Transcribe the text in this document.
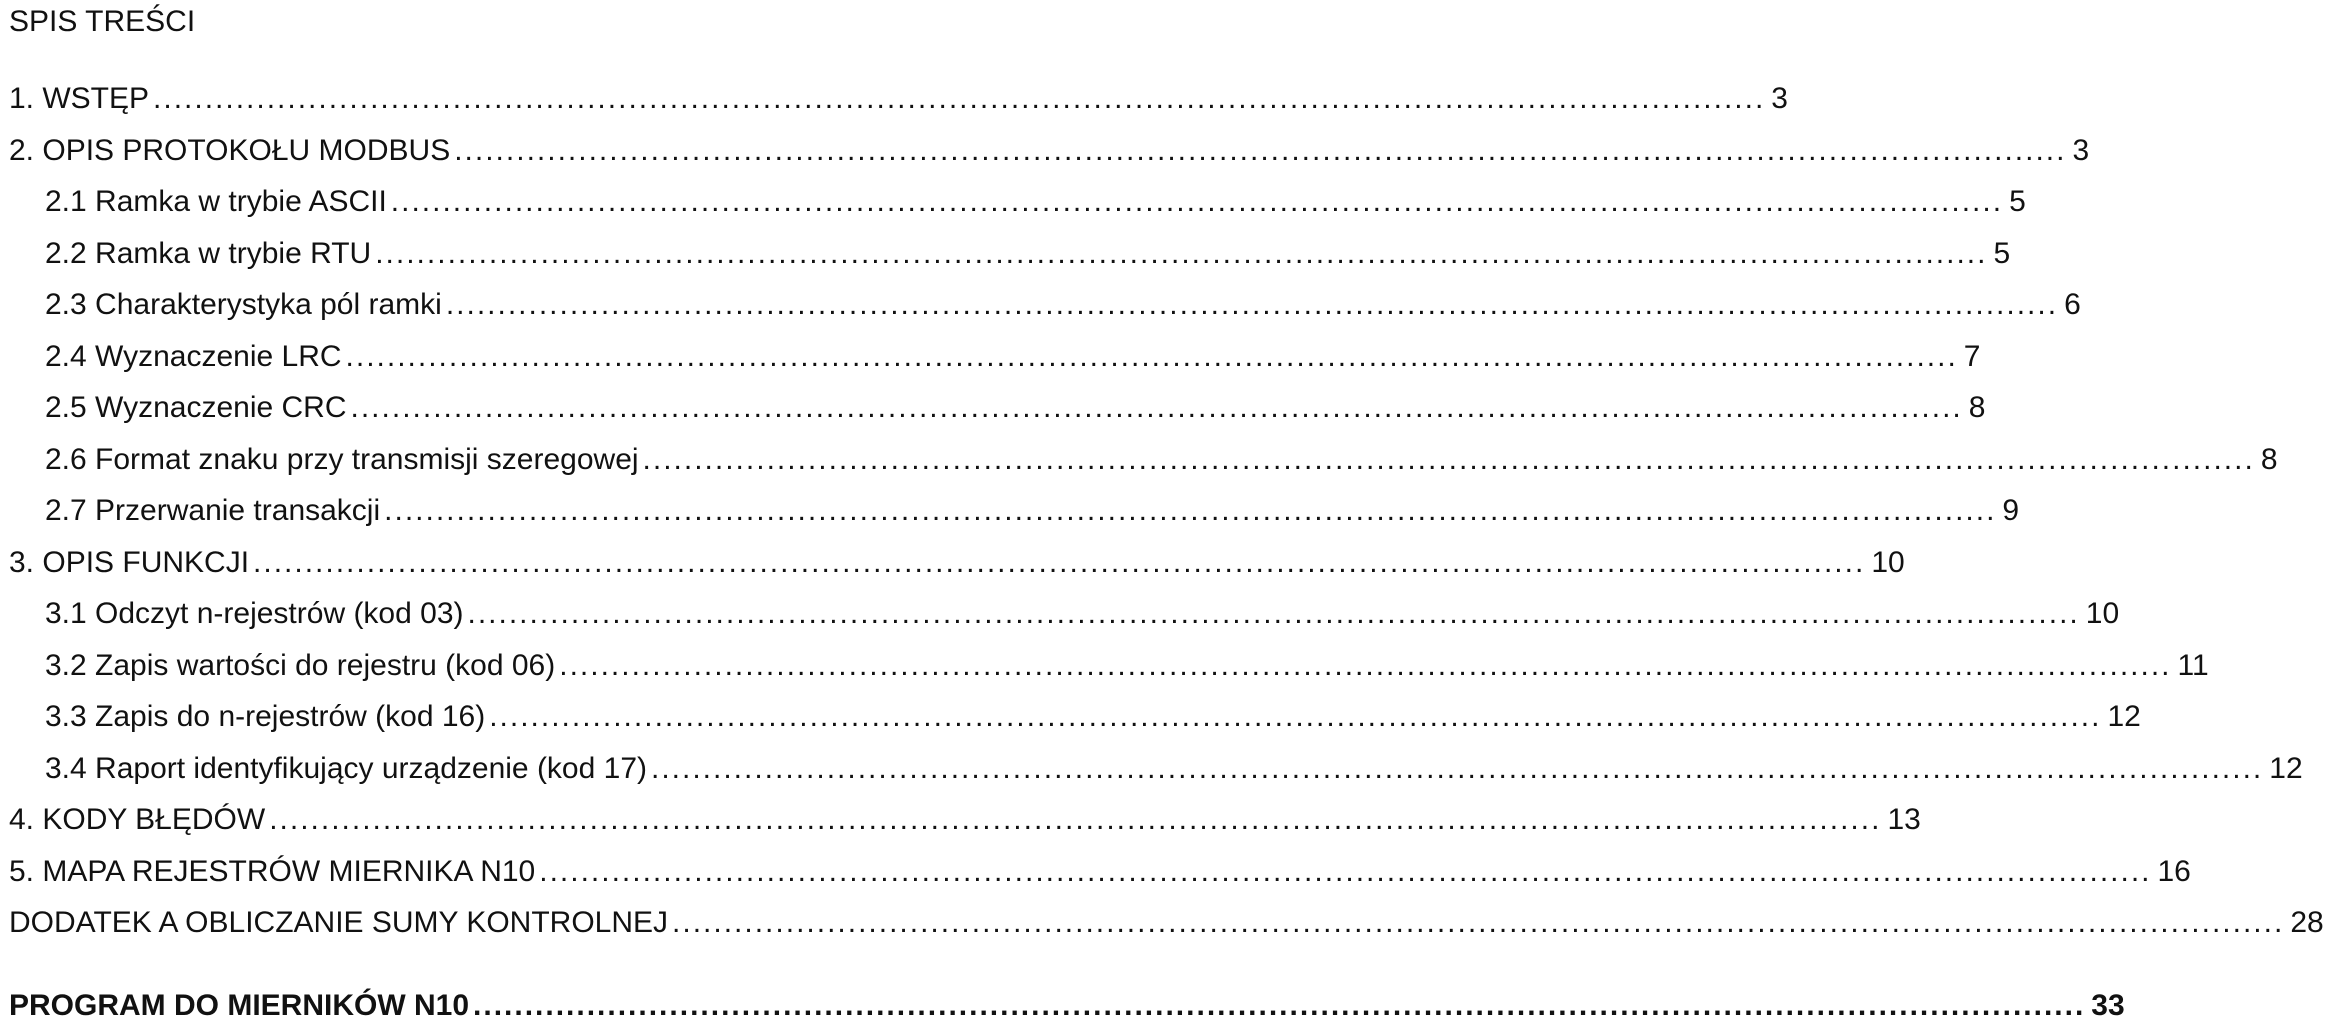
SPIS TREŚCI
1. WSTĘP ............................................................................................................................................................ 3
2. OPIS PROTOKOŁU MODBUS ............................................................................................................................................................ 3
2.1 Ramka w trybie ASCII ............................................................................................................................................................ 5
2.2 Ramka w trybie RTU ............................................................................................................................................................ 5
2.3 Charakterystyka pól ramki ............................................................................................................................................................ 6
2.4 Wyznaczenie LRC ............................................................................................................................................................ 7
2.5 Wyznaczenie CRC ............................................................................................................................................................ 8
2.6 Format znaku przy transmisji szeregowej ............................................................................................................................................................ 8
2.7 Przerwanie transakcji ............................................................................................................................................................ 9
3. OPIS FUNKCJI ............................................................................................................................................................ 10
3.1 Odczyt n-rejestrów (kod 03) ............................................................................................................................................................ 10
3.2 Zapis wartości do rejestru (kod 06) ............................................................................................................................................................ 11
3.3 Zapis do n-rejestrów (kod 16) ............................................................................................................................................................ 12
3.4 Raport identyfikujący urządzenie (kod 17) ............................................................................................................................................................ 12
4. KODY BŁĘDÓW ............................................................................................................................................................ 13
5. MAPA REJESTRÓW MIERNIKA N10 ............................................................................................................................................................ 16
DODATEK A OBLICZANIE SUMY KONTROLNEJ ............................................................................................................................................................ 28
PROGRAM DO MIERNIKÓW N10 ............................................................................................................................................................ 33
